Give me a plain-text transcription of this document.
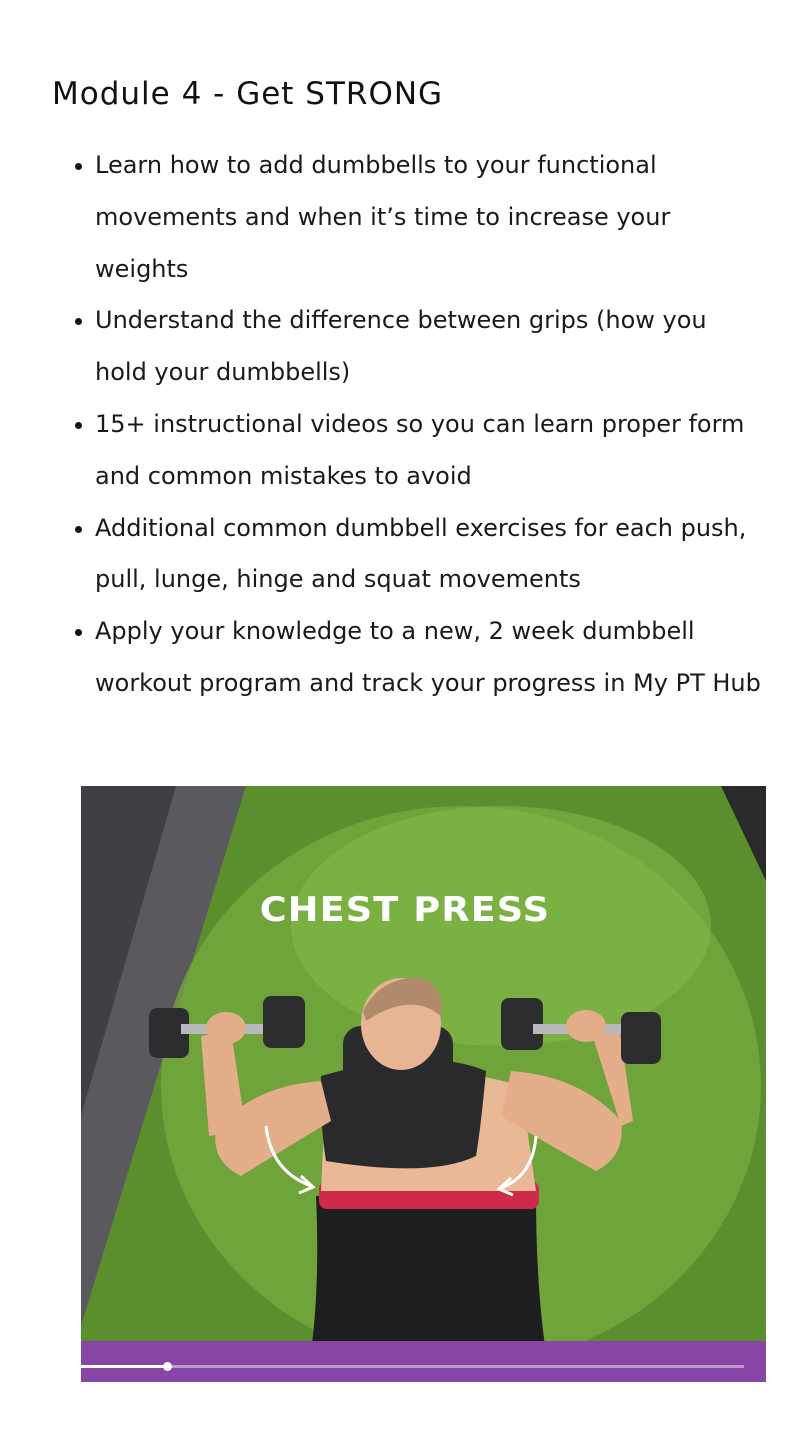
Module 4 - Get STRONG
Learn how to add dumbbells to your functional movements and when it’s time to increase your weights
Understand the difference between grips (how you hold your dumbbells)
15+ instructional videos so you can learn proper form and common mistakes to avoid
Additional common dumbbell exercises for each push, pull, lunge, hinge and squat movements
Apply your knowledge to a new, 2 week dumbbell workout program and track your progress in My PT Hub
CHEST PRESS
